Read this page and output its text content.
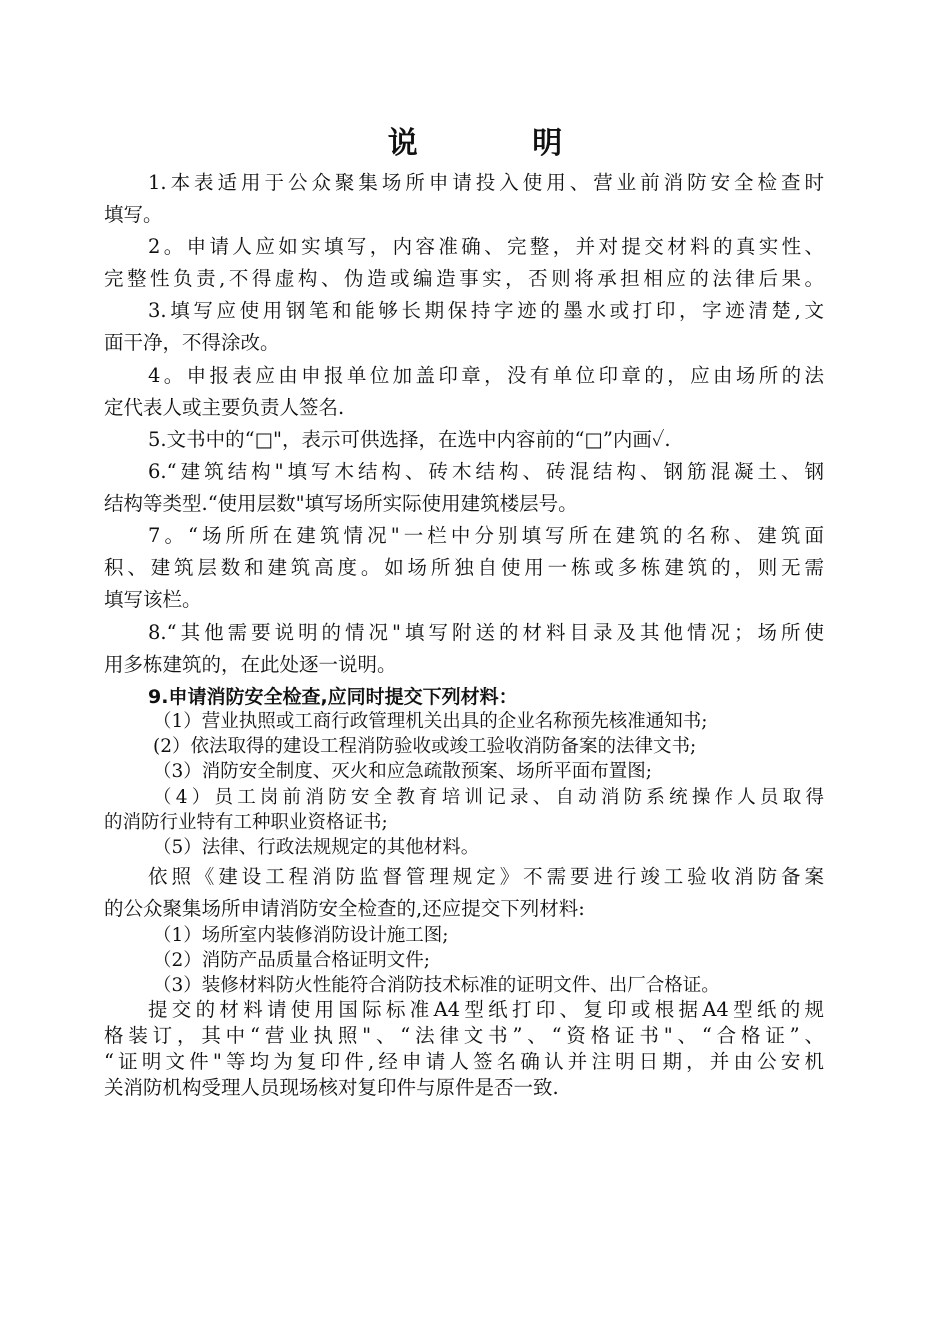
说 明
1.本表适用于公众聚集场所申请投入使用、营业前消防安全检查时
填写。
2。申请人应如实填写，内容准确、完整，并对提交材料的真实性、
完整性负责,不得虚构、伪造或编造事实，否则将承担相应的法律后果。
3.填写应使用钢笔和能够长期保持字迹的墨水或打印，字迹清楚,文
面干净，不得涂改。
4。申报表应由申报单位加盖印章，没有单位印章的，应由场所的法
定代表人或主要负责人签名.
5.文书中的“□"，表示可供选择，在选中内容前的“□”内画✓.
6.“建筑结构"填写木结构、砖木结构、砖混结构、钢筋混凝土、钢
结构等类型.“使用层数"填写场所实际使用建筑楼层号。
7。“场所所在建筑情况"一栏中分别填写所在建筑的名称、建筑面
积、建筑层数和建筑高度。如场所独自使用一栋或多栋建筑的，则无需
填写该栏。
8.“其他需要说明的情况"填写附送的材料目录及其他情况；场所使
用多栋建筑的，在此处逐一说明。
9.申请消防安全检查,应同时提交下列材料：
（1）营业执照或工商行政管理机关出具的企业名称预先核准通知书;
(2）依法取得的建设工程消防验收或竣工验收消防备案的法律文书;
（3）消防安全制度、灭火和应急疏散预案、场所平面布置图;
（4）员工岗前消防安全教育培训记录、自动消防系统操作人员取得
的消防行业特有工种职业资格证书;
（5）法律、行政法规规定的其他材料。
依照《建设工程消防监督管理规定》不需要进行竣工验收消防备案
的公众聚集场所申请消防安全检查的,还应提交下列材料:
（1）场所室内装修消防设计施工图;
（2）消防产品质量合格证明文件;
（3）装修材料防火性能符合消防技术标准的证明文件、出厂合格证。
提交的材料请使用国际标准A4型纸打印、复印或根据A4型纸的规
格装订，其中“营业执照"、“法律文书”、“资格证书"、“合格证”、
“证明文件"等均为复印件,经申请人签名确认并注明日期，并由公安机
关消防机构受理人员现场核对复印件与原件是否一致.
